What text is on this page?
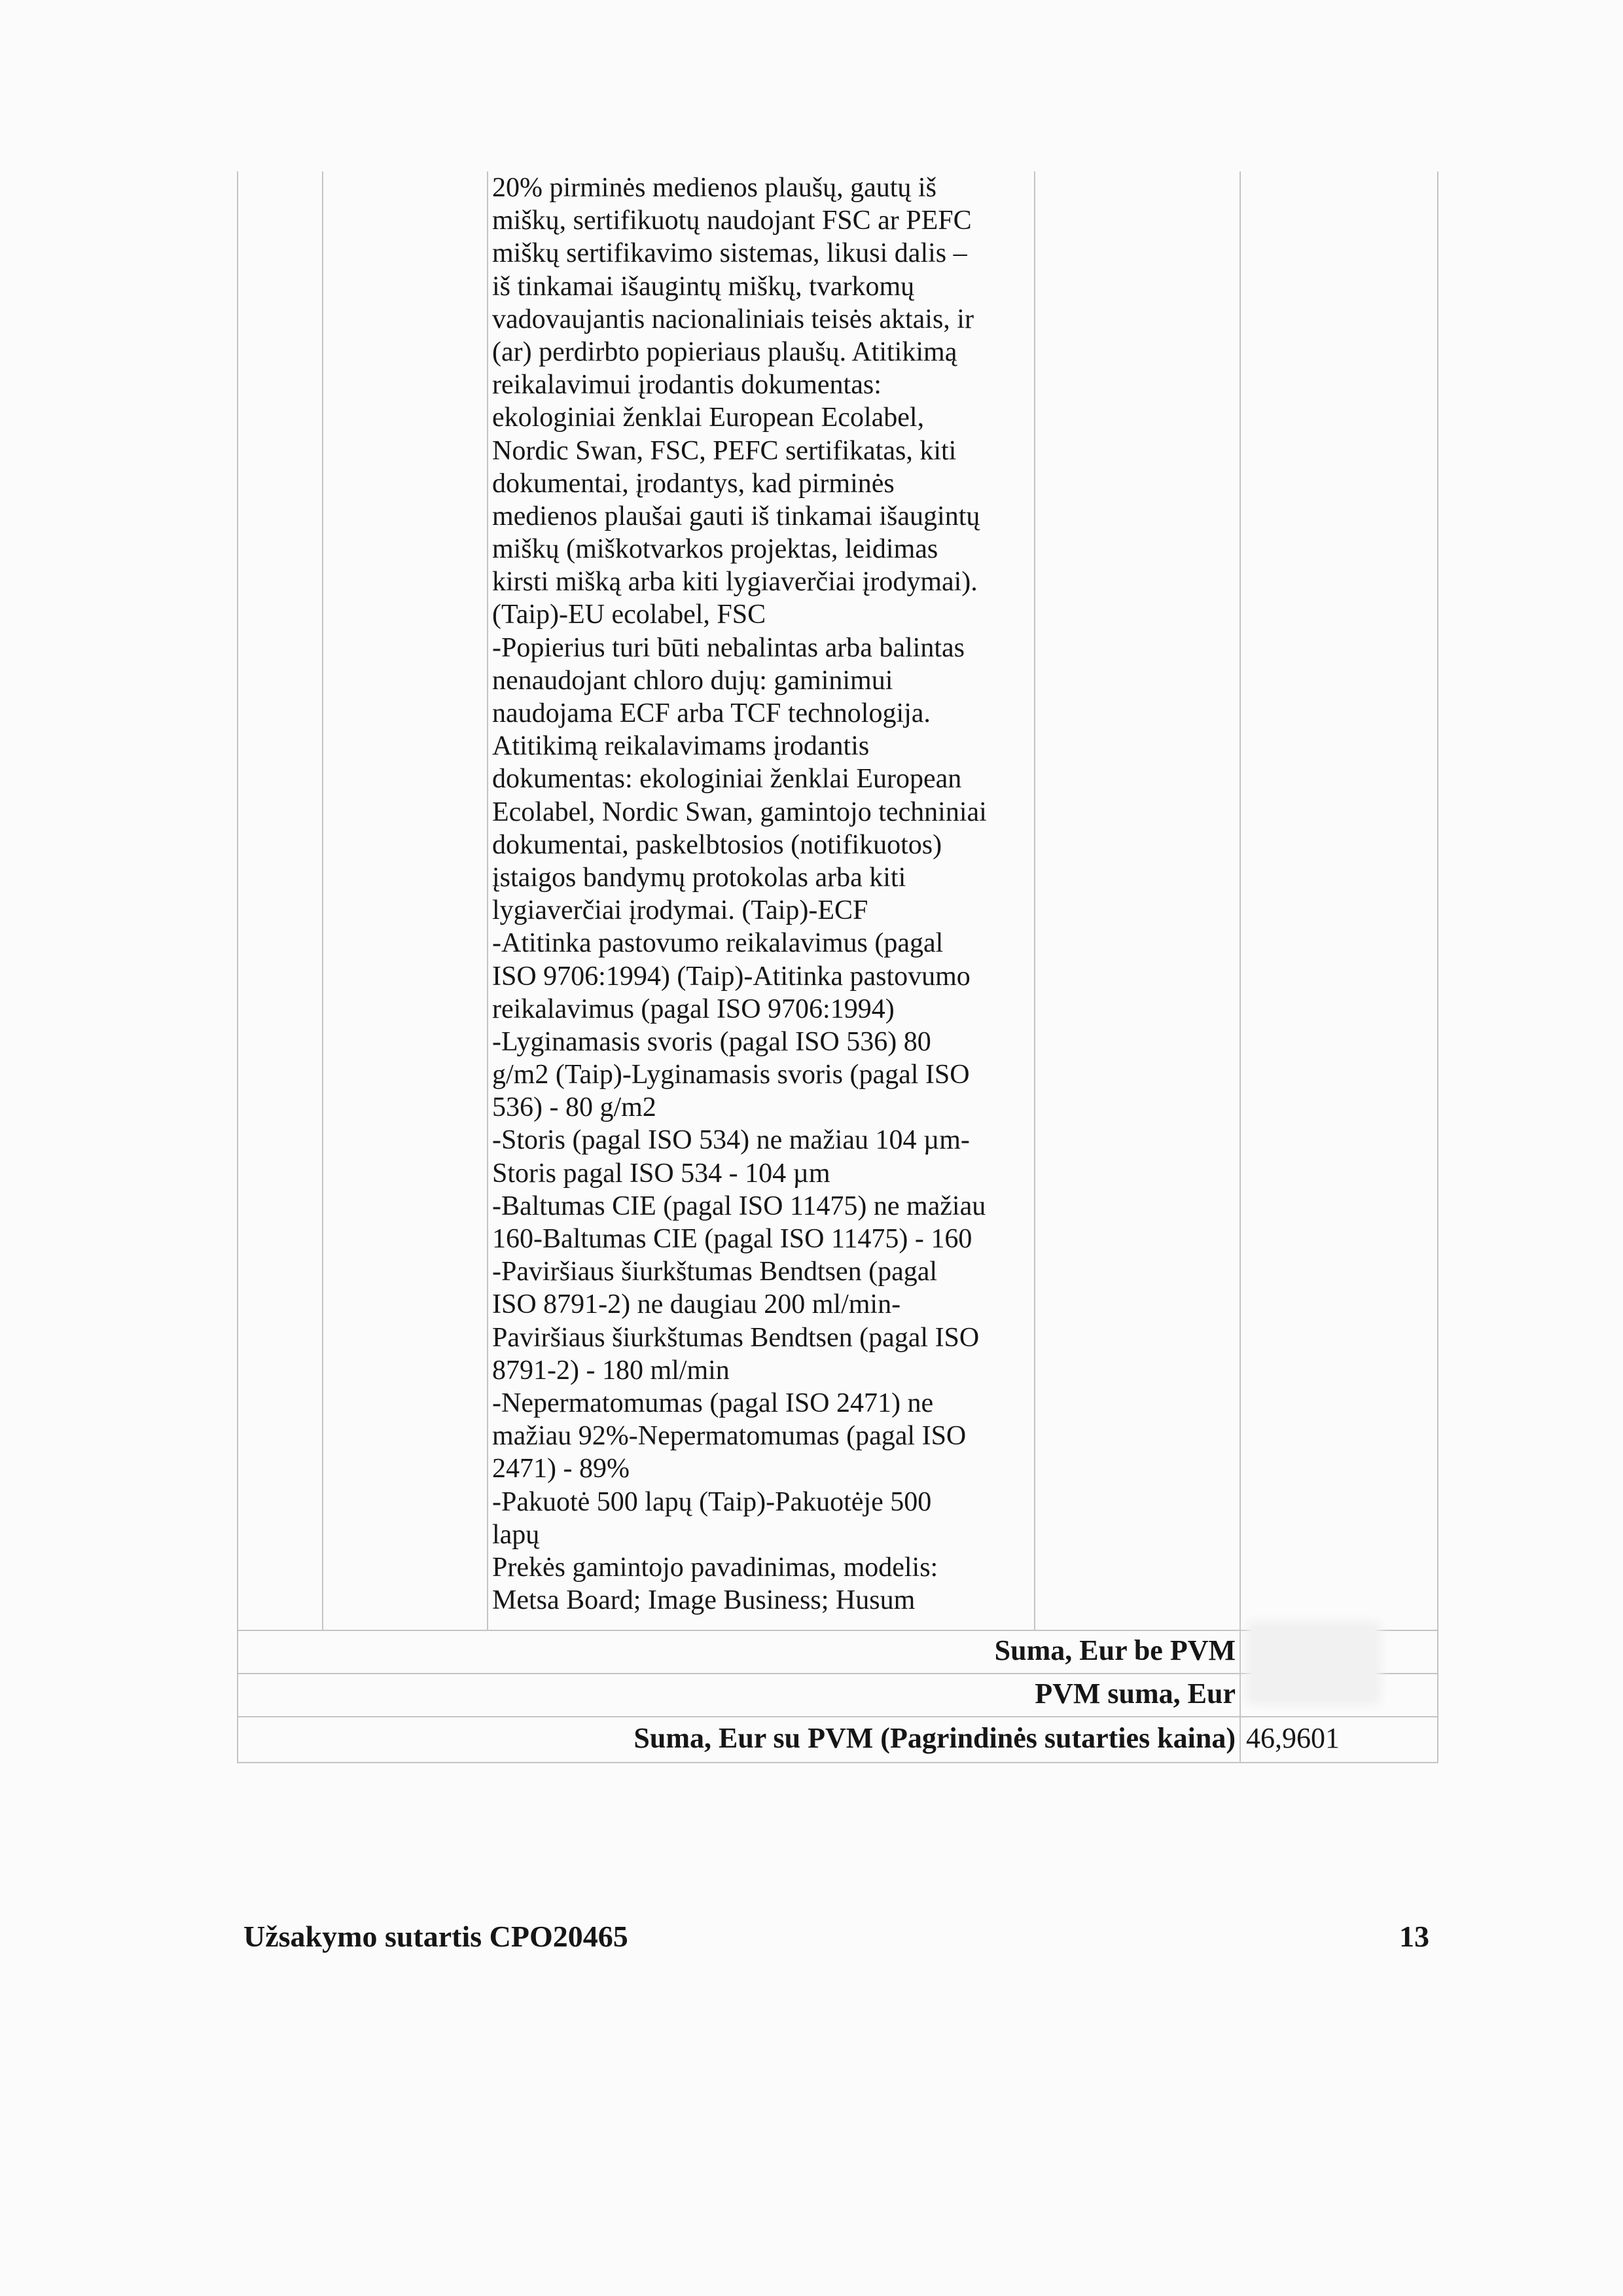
20% pirminės medienos plaušų, gautų iš
miškų, sertifikuotų naudojant FSC ar PEFC
miškų sertifikavimo sistemas, likusi dalis –
iš tinkamai išaugintų miškų, tvarkomų
vadovaujantis nacionaliniais teisės aktais, ir
(ar) perdirbto popieriaus plaušų. Atitikimą
reikalavimui įrodantis dokumentas:
ekologiniai ženklai European Ecolabel,
Nordic Swan, FSC, PEFC sertifikatas, kiti
dokumentai, įrodantys, kad pirminės
medienos plaušai gauti iš tinkamai išaugintų
miškų (miškotvarkos projektas, leidimas
kirsti mišką arba kiti lygiaverčiai įrodymai).
(Taip)-EU ecolabel, FSC
-Popierius turi būti nebalintas arba balintas
nenaudojant chloro dujų: gaminimui
naudojama ECF arba TCF technologija.
Atitikimą reikalavimams įrodantis
dokumentas: ekologiniai ženklai European
Ecolabel, Nordic Swan, gamintojo techniniai
dokumentai, paskelbtosios (notifikuotos)
įstaigos bandymų protokolas arba kiti
lygiaverčiai įrodymai. (Taip)-ECF
-Atitinka pastovumo reikalavimus (pagal
ISO 9706:1994) (Taip)-Atitinka pastovumo
reikalavimus (pagal ISO 9706:1994)
-Lyginamasis svoris (pagal ISO 536) 80
g/m2 (Taip)-Lyginamasis svoris (pagal ISO
536) - 80 g/m2
-Storis (pagal ISO 534) ne mažiau 104 µm-
Storis pagal ISO 534 - 104 µm
-Baltumas CIE (pagal ISO 11475) ne mažiau
160-Baltumas CIE (pagal ISO 11475) - 160
-Paviršiaus šiurkštumas Bendtsen (pagal
ISO 8791-2) ne daugiau 200 ml/min-
Paviršiaus šiurkštumas Bendtsen (pagal ISO
8791-2) - 180 ml/min
-Nepermatomumas (pagal ISO 2471) ne
mažiau 92%-Nepermatomumas (pagal ISO
2471) - 89%
-Pakuotė 500 lapų (Taip)-Pakuotėje 500
lapų
Prekės gamintojo pavadinimas, modelis:
Metsa Board; Image Business; Husum
Suma, Eur be PVM
PVM suma, Eur
Suma, Eur su PVM (Pagrindinės sutarties kaina) 46,9601
Užsakymo sutartis CPO20465	13
